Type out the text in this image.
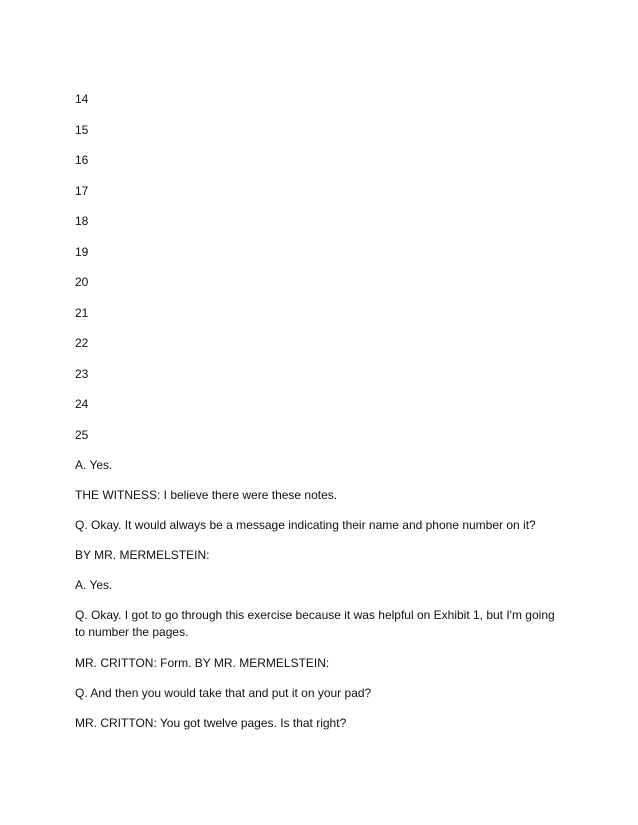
14
15
16
17
18
19
20
21
22
23
24
25

A. Yes.

THE WITNESS: I believe there were these notes.

Q. Okay. It would always be a message indicating their name and phone number on it?

BY MR. MERMELSTEIN:

A. Yes.

Q. Okay. I got to go through this exercise because it was helpful on Exhibit 1, but I'm going to number the pages.

MR. CRITTON: Form. BY MR. MERMELSTEIN:

Q. And then you would take that and put it on your pad?

MR. CRITTON: You got twelve pages. Is that right?
